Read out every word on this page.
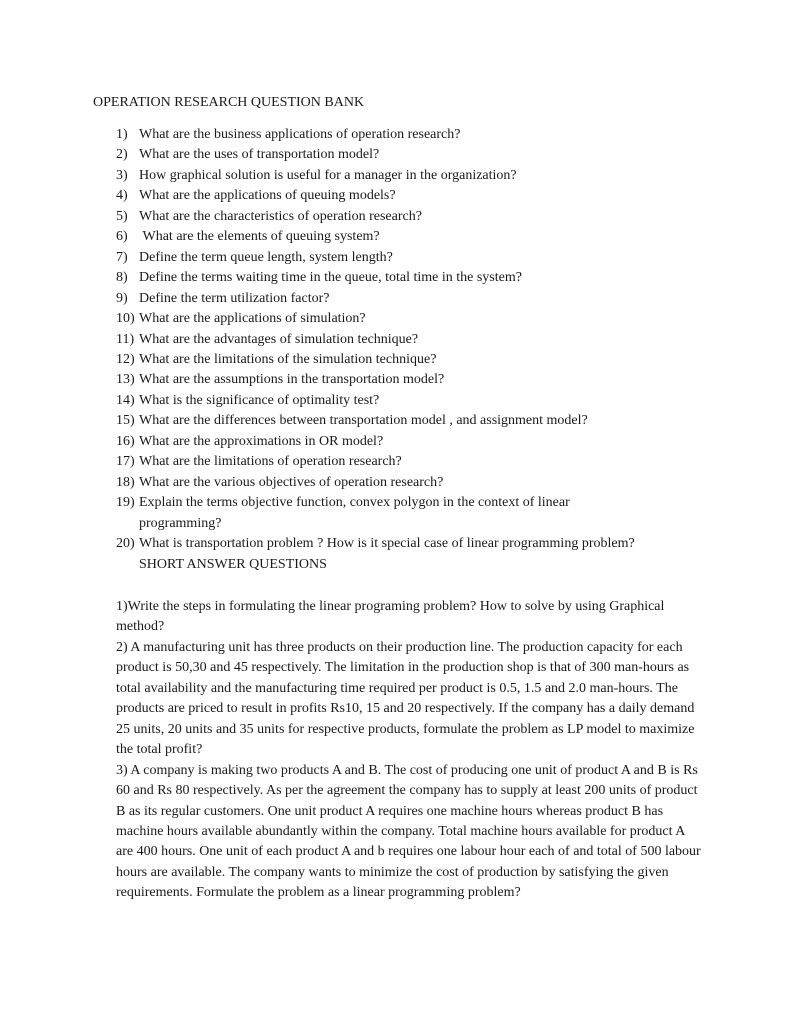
OPERATION RESEARCH QUESTION BANK
1) What are the business applications of operation research?
2) What are the uses of transportation model?
3) How graphical solution is useful for a manager in the organization?
4) What are the applications of queuing models?
5) What are the characteristics of operation research?
6) What are the elements of queuing system?
7) Define the term queue length, system length?
8) Define the terms waiting time in the queue, total time in the system?
9) Define the term utilization factor?
10) What are the applications of simulation?
11) What are the advantages of simulation technique?
12) What are the limitations of the simulation technique?
13) What are the assumptions in the transportation model?
14) What is the significance of optimality test?
15) What are the differences between transportation model , and assignment model?
16) What are the approximations in OR model?
17) What are the limitations of operation research?
18) What are the various objectives of operation research?
19) Explain the terms objective function, convex polygon in the context of linear programming?
20) What is transportation problem ? How is it special case of linear programming problem?
SHORT ANSWER QUESTIONS
1)Write the steps in formulating the linear programing problem? How to solve by using Graphical method?
2) A manufacturing unit has three products on their production line. The production capacity for each product is 50,30 and 45 respectively. The limitation in the production shop is that of 300 man-hours as total availability and the manufacturing time required per product is 0.5, 1.5 and 2.0 man-hours. The products are priced to result in profits Rs10, 15 and 20 respectively. If the company has a daily demand 25 units, 20 units and 35 units for respective products, formulate the problem as LP model to maximize the total profit?
3) A company is making two products A and B. The cost of producing one unit of product A and B is Rs 60 and Rs 80 respectively. As per the agreement the company has to supply at least 200 units of product B as its regular customers. One unit product A requires one machine hours whereas product B has machine hours available abundantly within the company. Total machine hours available for product A are 400 hours. One unit of each product A and b requires one labour hour each of and total of 500 labour hours are available. The company wants to minimize the cost of production by satisfying the given requirements. Formulate the problem as a linear programming problem?
